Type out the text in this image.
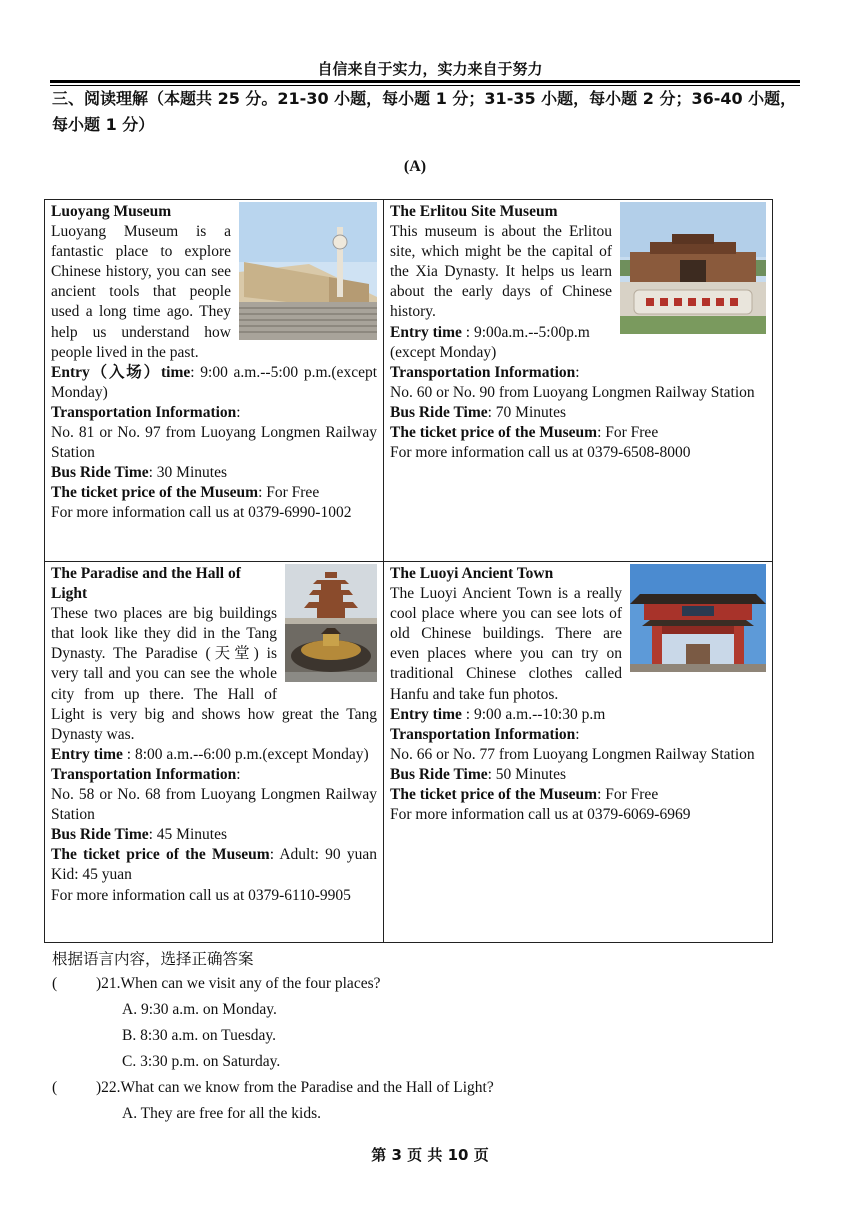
自信来自于实力，实力来自于努力
三、阅读理解（本题共 25 分。21-30 小题，每小题 1 分；31-35 小题，每小题 2 分；36-40 小题，每小题 1 分）
(A)
Luoyang Museum
Luoyang Museum is a fantastic place to explore Chinese history, you can see ancient tools that people used a long time ago. They help us understand how people lived in the past.
Entry（入场）time: 9:00 a.m.--5:00 p.m.(except Monday)
Transportation Information:
No. 81 or No. 97 from Luoyang Longmen Railway Station
Bus Ride Time: 30 Minutes
The ticket price of the Museum: For Free
For more information call us at 0379-6990-1002
The Erlitou Site Museum
This museum is about the Erlitou site, which might be the capital of the Xia Dynasty. It helps us learn about the early days of Chinese history.
Entry time : 9:00a.m.--5:00p.m (except Monday)
Transportation Information:
No. 60 or No. 90 from Luoyang Longmen Railway Station
Bus Ride Time: 70 Minutes
The ticket price of the Museum: For Free
For more information call us at 0379-6508-8000
The Paradise and the Hall of Light
These two places are big buildings that look like they did in the Tang Dynasty. The Paradise (天堂) is very tall and you can see the whole city from up there. The Hall of Light is very big and shows how great the Tang Dynasty was.
Entry time : 8:00 a.m.--6:00 p.m.(except Monday)
Transportation Information:
No. 58 or No. 68 from Luoyang Longmen Railway Station
Bus Ride Time: 45 Minutes
The ticket price of the Museum: Adult: 90 yuan Kid: 45 yuan
For more information call us at 0379-6110-9905
The Luoyi Ancient Town
The Luoyi Ancient Town is a really cool place where you can see lots of old Chinese buildings. There are even places where you can try on traditional Chinese clothes called Hanfu and take fun photos.
Entry time : 9:00 a.m.--10:30 p.m
Transportation Information:
No. 66 or No. 77 from Luoyang Longmen Railway Station
Bus Ride Time: 50 Minutes
The ticket price of the Museum: For Free
For more information call us at 0379-6069-6969
根据语言内容，选择正确答案
(	)21.When can we visit any of the four places?
A. 9:30 a.m. on Monday.
B. 8:30 a.m. on Tuesday.
C. 3:30 p.m. on Saturday.
(	)22.What can we know from the Paradise and the Hall of Light?
A. They are free for all the kids.
第 3 页 共 10 页
